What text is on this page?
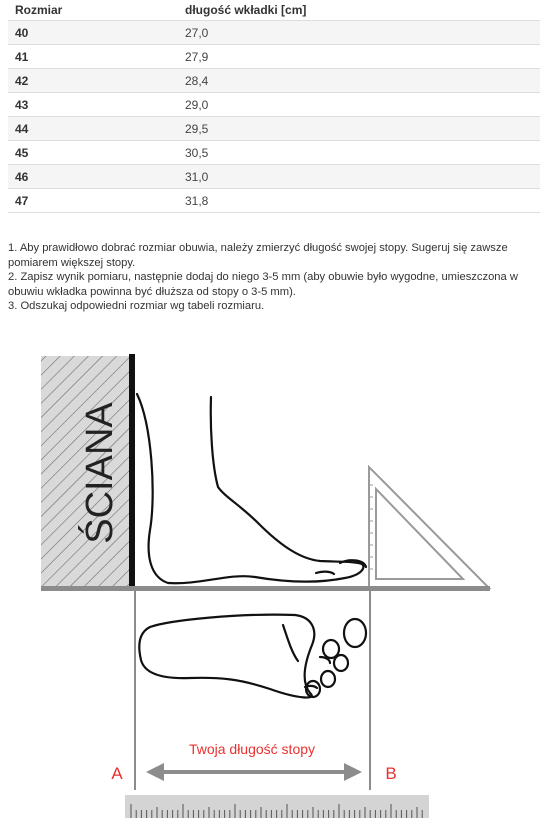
Rozmiar	długość wkładki [cm]
40	27,0
41	27,9
42	28,4
43	29,0
44	29,5
45	30,5
46	31,0
47	31,8

1. Aby prawidłowo dobrać rozmiar obuwia, należy zmierzyć długość swojej stopy. Sugeruj się zawsze pomiarem większej stopy.

2. Zapisz wynik pomiaru, następnie dodaj do niego 3-5 mm (aby obuwie było wygodne, umieszczona w obuwiu wkładka powinna być dłuższa od stopy o 3-5 mm).

3. Odszukaj odpowiedni rozmiar wg tabeli rozmiaru.

ŚCIANA
Twoja długość stopy
A	B
